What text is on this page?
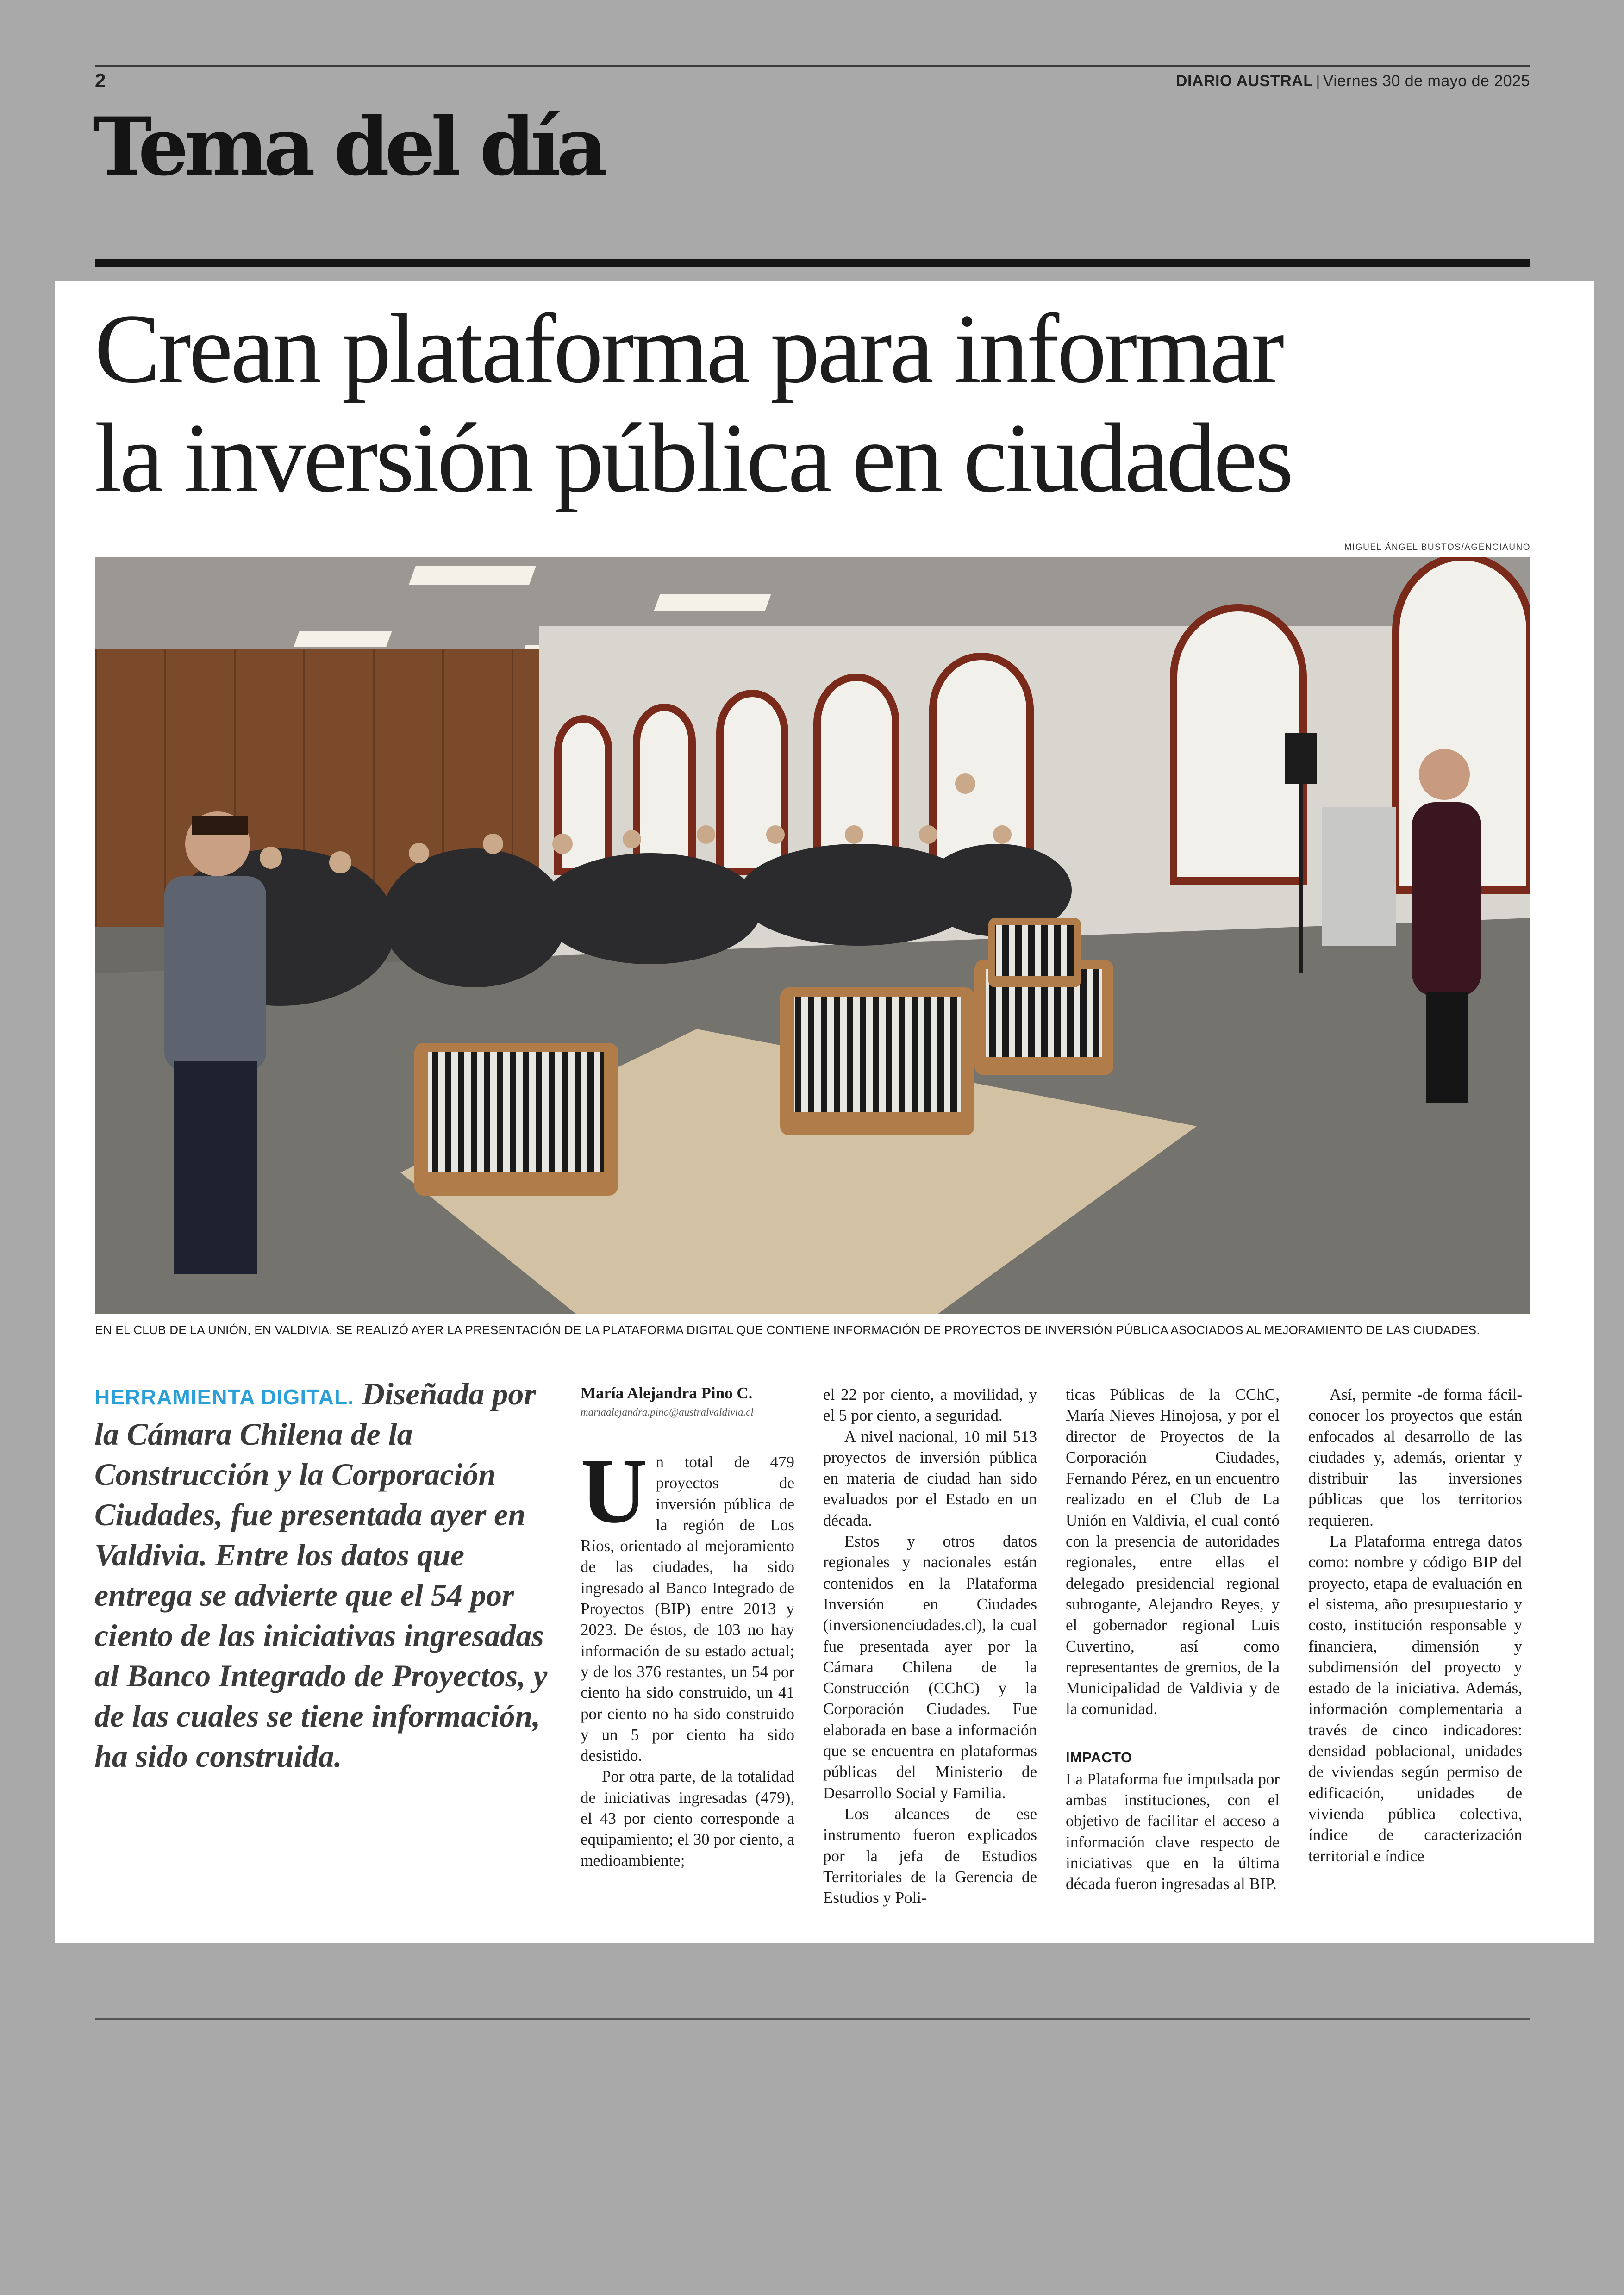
2	DIARIO AUSTRAL | Viernes 30 de mayo de 2025
Tema del día
Crean plataforma para informar
la inversión pública en ciudades
MIGUEL ÁNGEL BUSTOS/AGENCIAUNO
EN EL CLUB DE LA UNIÓN, EN VALDIVIA, SE REALIZÓ AYER LA PRESENTACIÓN DE LA PLATAFORMA DIGITAL QUE CONTIENE INFORMACIÓN DE PROYECTOS DE INVERSIÓN PÚBLICA ASOCIADOS AL MEJORAMIENTO DE LAS CIUDADES.
HERRAMIENTA DIGITAL. Diseñada por la Cámara Chilena de la Construcción y la Corporación Ciudades, fue presentada ayer en Valdivia. Entre los datos que entrega se advierte que el 54 por ciento de las iniciativas ingresadas al Banco Integrado de Proyectos, y de las cuales se tiene información, ha sido construida.
María Alejandra Pino C.
mariaalejandra.pino@australvaldivia.cl

Un total de 479 proyectos de inversión pública de la región de Los Ríos, orientado al mejoramiento de las ciudades, ha sido ingresado al Banco Integrado de Proyectos (BIP) entre 2013 y 2023. De éstos, de 103 no hay información de su estado actual; y de los 376 restantes, un 54 por ciento ha sido construido, un 41 por ciento no ha sido construido y un 5 por ciento ha sido desistido.

Por otra parte, de la totalidad de iniciativas ingresadas (479), el 43 por ciento corresponde a equipamiento; el 30 por ciento, a medioambiente;

el 22 por ciento, a movilidad, y el 5 por ciento, a seguridad.

A nivel nacional, 10 mil 513 proyectos de inversión pública en materia de ciudad han sido evaluados por el Estado en un década.

Estos y otros datos regionales y nacionales están contenidos en la Plataforma Inversión en Ciudades (inversionenciudades.cl), la cual fue presentada ayer por la Cámara Chilena de la Construcción (CChC) y la Corporación Ciudades. Fue elaborada en base a información que se encuentra en plataformas públicas del Ministerio de Desarrollo Social y Familia.

Los alcances de ese instrumento fueron explicados por la jefa de Estudios Territoriales de la Gerencia de Estudios y Poli-

ticas Públicas de la CChC, María Nieves Hinojosa, y por el director de Proyectos de la Corporación Ciudades, Fernando Pérez, en un encuentro realizado en el Club de La Unión en Valdivia, el cual contó con la presencia de autoridades regionales, entre ellas el delegado presidencial regional subrogante, Alejandro Reyes, y el gobernador regional Luis Cuvertino, así como representantes de gremios, de la Municipalidad de Valdivia y de la comunidad.

IMPACTO

La Plataforma fue impulsada por ambas instituciones, con el objetivo de facilitar el acceso a información clave respecto de iniciativas que en la última década fueron ingresadas al BIP.

Así, permite -de forma fácil- conocer los proyectos que están enfocados al desarrollo de las ciudades y, además, orientar y distribuir las inversiones públicas que los territorios requieren.

La Plataforma entrega datos como: nombre y código BIP del proyecto, etapa de evaluación en el sistema, año presupuestario y costo, institución responsable y financiera, dimensión y subdimensión del proyecto y estado de la iniciativa. Además, información complementaria a través de cinco indicadores: densidad poblacional, unidades de viviendas según permiso de edificación, unidades de vivienda pública colectiva, índice de caracterización territorial e índice
